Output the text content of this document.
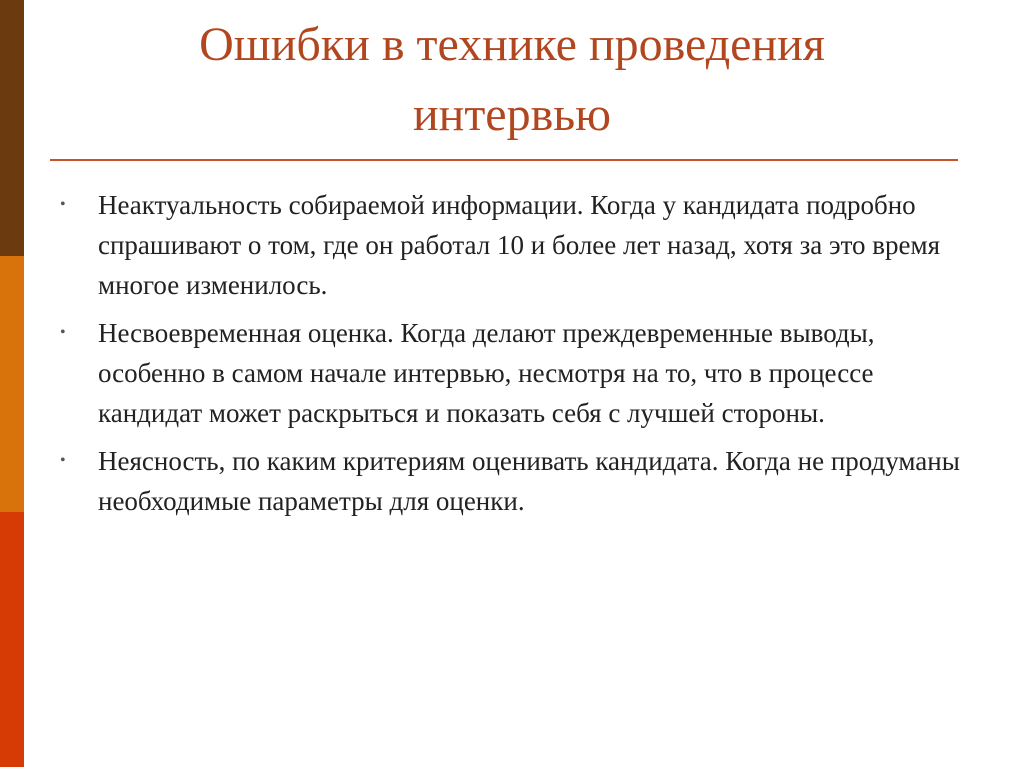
Ошибки в технике проведения
интервью
• Неактуальность собираемой информации. Когда у кандидата подробно спрашивают о том, где он работал 10 и более лет назад, хотя за это время многое изменилось.
• Несвоевременная оценка. Когда делают преждевременные выводы, особенно в самом начале интервью, несмотря на то, что в процессе кандидат может раскрыться и показать себя с лучшей стороны.
• Неясность, по каким критериям оценивать кандидата. Когда не продуманы необходимые параметры для оценки.
